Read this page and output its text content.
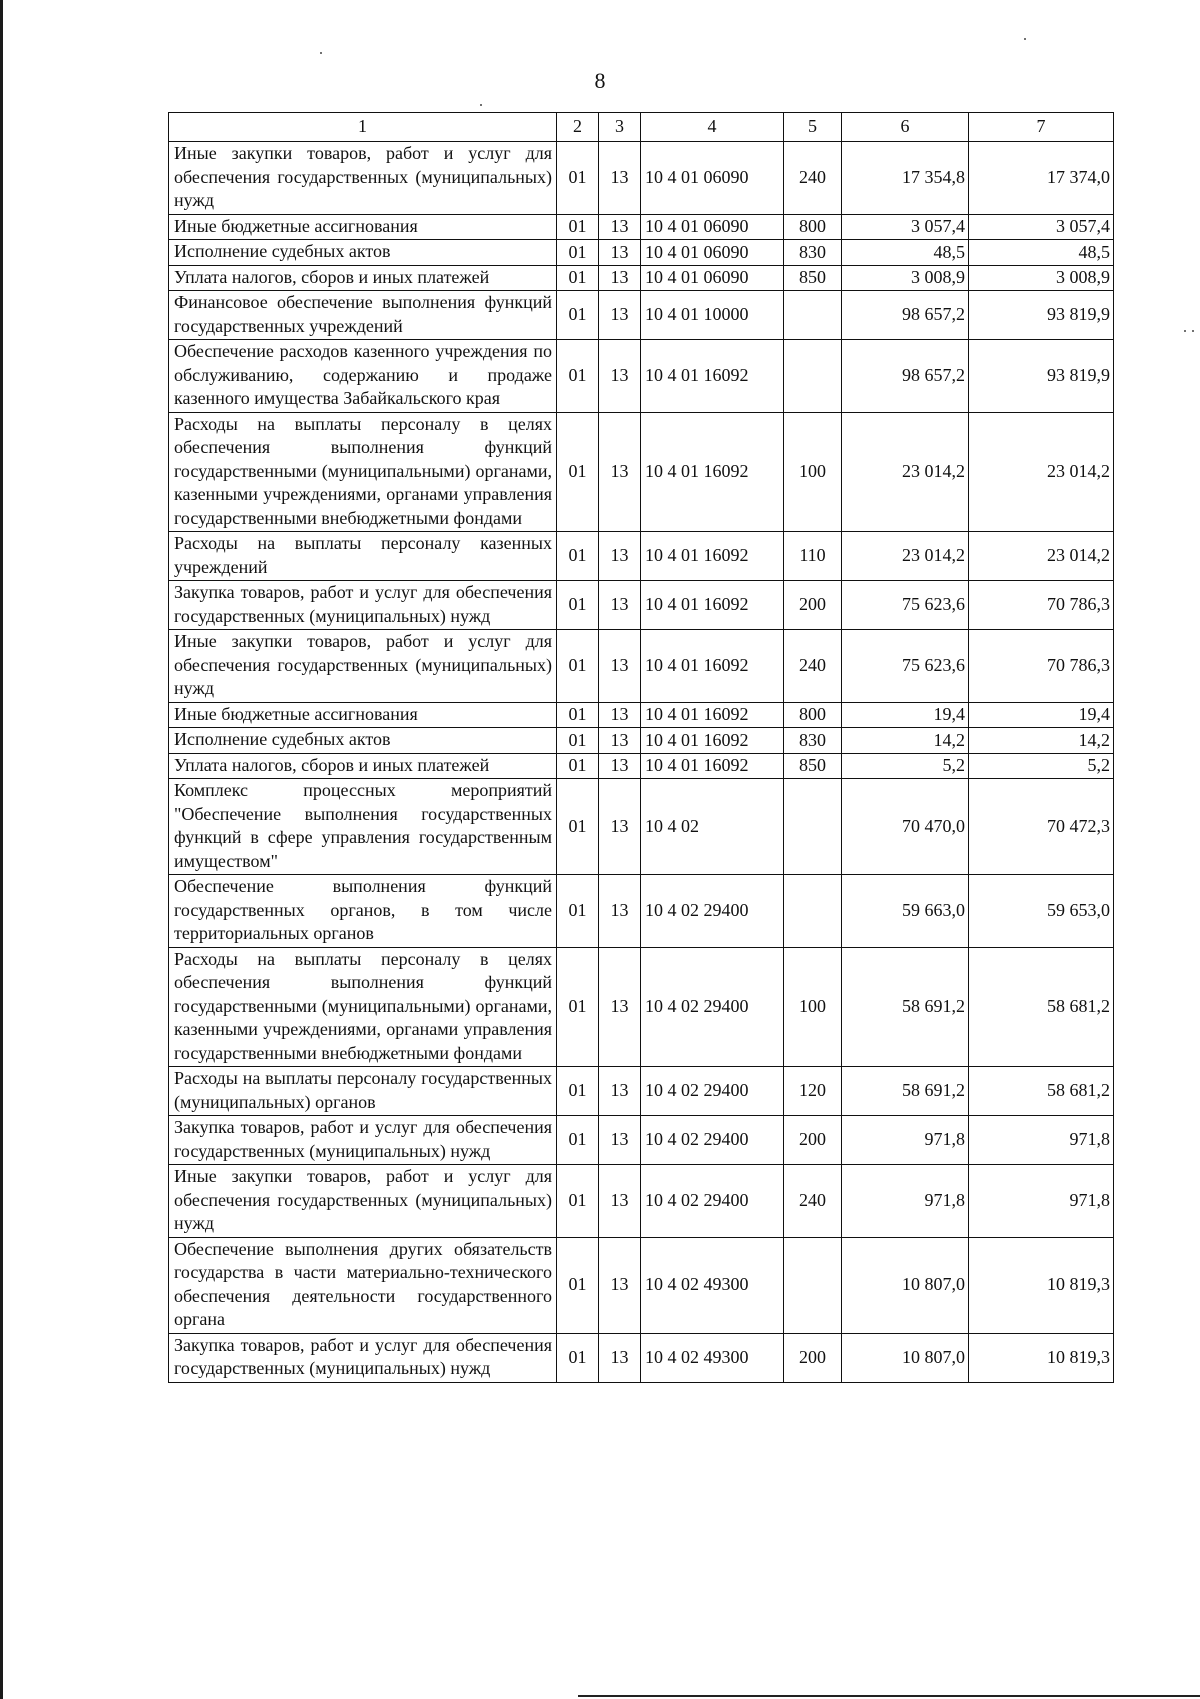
8
1	2	3	4	5	6	7
Иные закупки товаров, работ и услуг для обеспечения государственных (муниципальных) нужд	01	13	10 4 01 06090	240	17 354,8	17 374,0
Иные бюджетные ассигнования	01	13	10 4 01 06090	800	3 057,4	3 057,4
Исполнение судебных актов	01	13	10 4 01 06090	830	48,5	48,5
Уплата налогов, сборов и иных платежей	01	13	10 4 01 06090	850	3 008,9	3 008,9
Финансовое обеспечение выполнения функций государственных учреждений	01	13	10 4 01 10000		98 657,2	93 819,9
Обеспечение расходов казенного учреждения по обслуживанию, содержанию и продаже казенного имущества Забайкальского края	01	13	10 4 01 16092		98 657,2	93 819,9
Расходы на выплаты персоналу в целях обеспечения выполнения функций государственными (муниципальными) органами, казенными учреждениями, органами управления государственными внебюджетными фондами	01	13	10 4 01 16092	100	23 014,2	23 014,2
Расходы на выплаты персоналу казенных учреждений	01	13	10 4 01 16092	110	23 014,2	23 014,2
Закупка товаров, работ и услуг для обеспечения государственных (муниципальных) нужд	01	13	10 4 01 16092	200	75 623,6	70 786,3
Иные закупки товаров, работ и услуг для обеспечения государственных (муниципальных) нужд	01	13	10 4 01 16092	240	75 623,6	70 786,3
Иные бюджетные ассигнования	01	13	10 4 01 16092	800	19,4	19,4
Исполнение судебных актов	01	13	10 4 01 16092	830	14,2	14,2
Уплата налогов, сборов и иных платежей	01	13	10 4 01 16092	850	5,2	5,2
Комплекс процессных мероприятий "Обеспечение выполнения государственных функций в сфере управления государственным имуществом"	01	13	10 4 02		70 470,0	70 472,3
Обеспечение выполнения функций государственных органов, в том числе территориальных органов	01	13	10 4 02 29400		59 663,0	59 653,0
Расходы на выплаты персоналу в целях обеспечения выполнения функций государственными (муниципальными) органами, казенными учреждениями, органами управления государственными внебюджетными фондами	01	13	10 4 02 29400	100	58 691,2	58 681,2
Расходы на выплаты персоналу государственных (муниципальных) органов	01	13	10 4 02 29400	120	58 691,2	58 681,2
Закупка товаров, работ и услуг для обеспечения государственных (муниципальных) нужд	01	13	10 4 02 29400	200	971,8	971,8
Иные закупки товаров, работ и услуг для обеспечения государственных (муниципальных) нужд	01	13	10 4 02 29400	240	971,8	971,8
Обеспечение выполнения других обязательств государства в части материально-технического обеспечения деятельности государственного органа	01	13	10 4 02 49300		10 807,0	10 819,3
Закупка товаров, работ и услуг для обеспечения государственных (муниципальных) нужд	01	13	10 4 02 49300	200	10 807,0	10 819,3
